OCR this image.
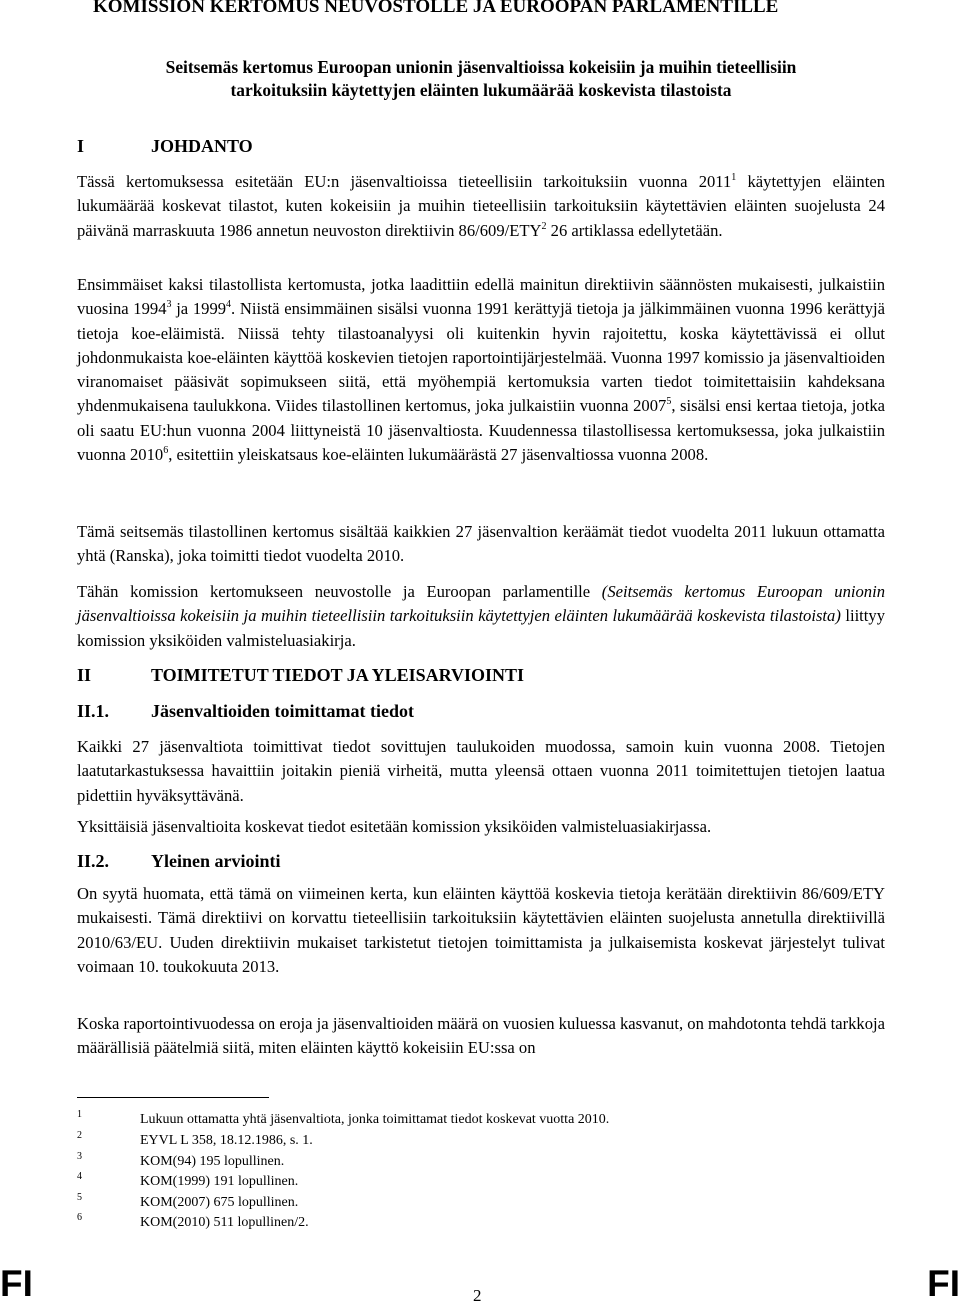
KOMISSION KERTOMUS NEUVOSTOLLE JA EUROOPAN PARLAMENTILLE
Seitsemäs kertomus Euroopan unionin jäsenvaltioissa kokeisiin ja muihin tieteellisiin
tarkoituksiin käytettyjen eläinten lukumäärää koskevista tilastoista
I	JOHDANTO
Tässä kertomuksessa esitetään EU:n jäsenvaltioissa tieteellisiin tarkoituksiin vuonna 2011$^1$ käytettyjen eläinten lukumäärää koskevat tilastot, kuten kokeisiin ja muihin tieteellisiin tarkoituksiin käytettävien eläinten suojelusta 24 päivänä marraskuuta 1986 annetun neuvoston direktiivin 86/609/ETY$^2$ 26 artiklassa edellytetään.
Ensimmäiset kaksi tilastollista kertomusta, jotka laadittiin edellä mainitun direktiivin säännösten mukaisesti, julkaistiin vuosina 1994$^3$ ja 1999$^4$. Niistä ensimmäinen sisälsi vuonna 1991 kerättyjä tietoja ja jälkimmäinen vuonna 1996 kerättyjä tietoja koe-eläimistä. Niissä tehty tilastoanalyysi oli kuitenkin hyvin rajoitettu, koska käytettävissä ei ollut johdonmukaista koe-eläinten käyttöä koskevien tietojen raportointijärjestelmää. Vuonna 1997 komissio ja jäsenvaltioiden viranomaiset pääsivät sopimukseen siitä, että myöhempiä kertomuksia varten tiedot toimitettaisiin kahdeksana yhdenmukaisena taulukkona. Viides tilastollinen kertomus, joka julkaistiin vuonna 2007$^5$, sisälsi ensi kertaa tietoja, jotka oli saatu EU:hun vuonna 2004 liittyneistä 10 jäsenvaltiosta. Kuudennessa tilastollisessa kertomuksessa, joka julkaistiin vuonna 2010$^6$, esitettiin yleiskatsaus koe-eläinten lukumäärästä 27 jäsenvaltiossa vuonna 2008.
Tämä seitsemäs tilastollinen kertomus sisältää kaikkien 27 jäsenvaltion keräämät tiedot vuodelta 2011 lukuun ottamatta yhtä (Ranska), joka toimitti tiedot vuodelta 2010.
Tähän komission kertomukseen neuvostolle ja Euroopan parlamentille (Seitsemäs kertomus Euroopan unionin jäsenvaltioissa kokeisiin ja muihin tieteellisiin tarkoituksiin käytettyjen eläinten lukumäärää koskevista tilastoista) liittyy komission yksiköiden valmisteluasiakirja.
II	TOIMITETUT TIEDOT JA YLEISARVIOINTI
II.1. Jäsenvaltioiden toimittamat tiedot
Kaikki 27 jäsenvaltiota toimittivat tiedot sovittujen taulukoiden muodossa, samoin kuin vuonna 2008. Tietojen laatutarkastuksessa havaittiin joitakin pieniä virheitä, mutta yleensä ottaen vuonna 2011 toimitettujen tietojen laatua pidettiin hyväksyttävänä.
Yksittäisiä jäsenvaltioita koskevat tiedot esitetään komission yksiköiden valmisteluasiakirjassa.
II.2. Yleinen arviointi
On syytä huomata, että tämä on viimeinen kerta, kun eläinten käyttöä koskevia tietoja kerätään direktiivin 86/609/ETY mukaisesti. Tämä direktiivi on korvattu tieteellisiin tarkoituksiin käytettävien eläinten suojelusta annetulla direktiivillä 2010/63/EU. Uuden direktiivin mukaiset tarkistetut tietojen toimittamista ja julkaisemista koskevat järjestelyt tulivat voimaan 10. toukokuuta 2013.
Koska raportointivuodessa on eroja ja jäsenvaltioiden määrä on vuosien kuluessa kasvanut, on mahdotonta tehdä tarkkoja määrällisiä päätelmiä siitä, miten eläinten käyttö kokeisiin EU:ssa on
1	Lukuun ottamatta yhtä jäsenvaltiota, jonka toimittamat tiedot koskevat vuotta 2010.
2	EYVL L 358, 18.12.1986, s. 1.
3	KOM(94) 195 lopullinen.
4	KOM(1999) 191 lopullinen.
5	KOM(2007) 675 lopullinen.
6	KOM(2010) 511 lopullinen/2.
FI	2	FI
